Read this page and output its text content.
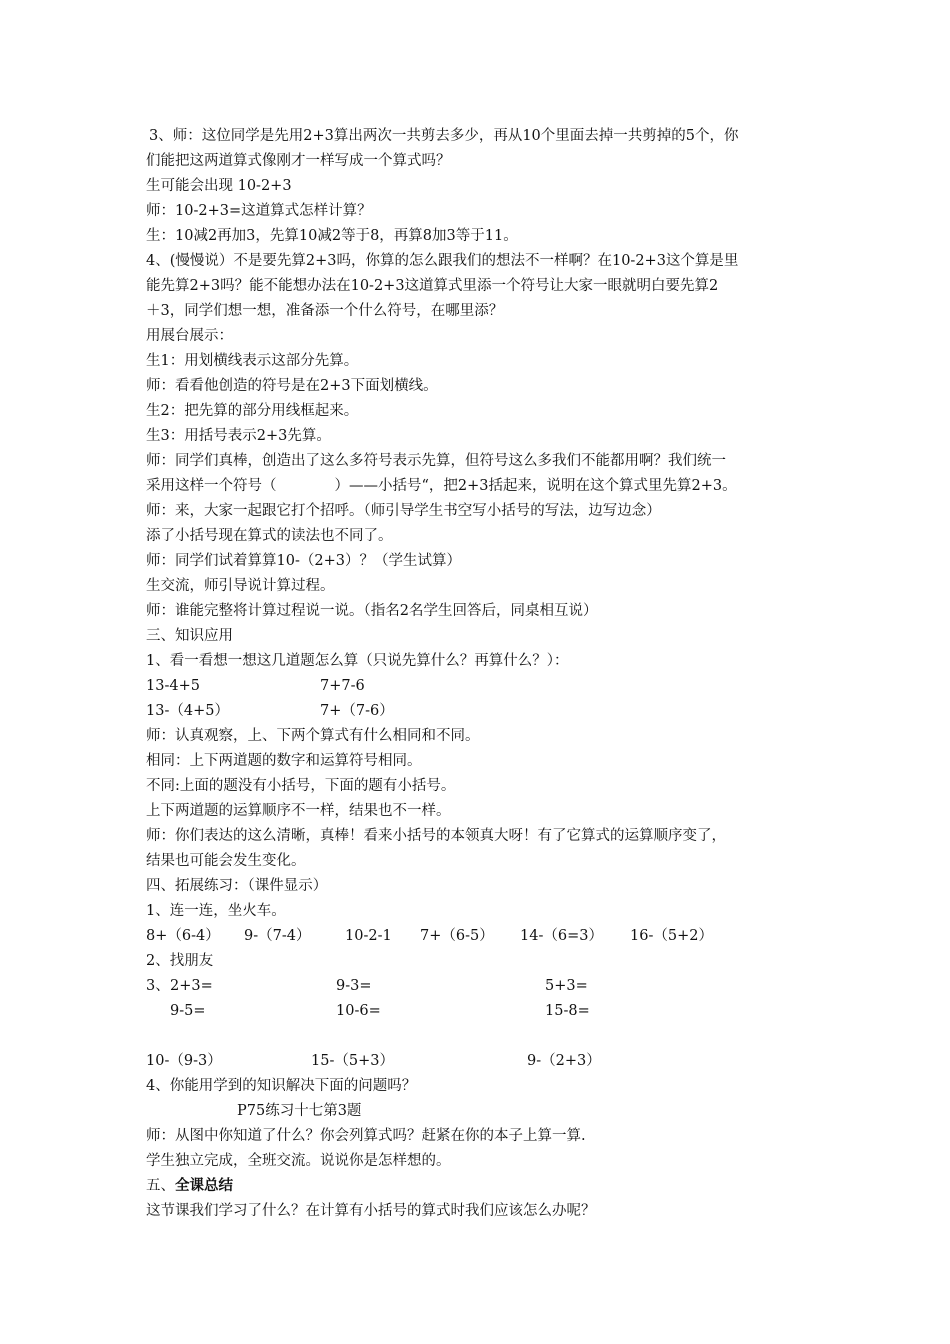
3、师：这位同学是先用2+3算出两次一共剪去多少，再从10个里面去掉一共剪掉的5个，你
们能把这两道算式像刚才一样写成一个算式吗？
生可能会出现 10-2+3
师：10-2+3=这道算式怎样计算？
生：10减2再加3，先算10减2等于8，再算8加3等于11。
4、(慢慢说）不是要先算2+3吗，你算的怎么跟我们的想法不一样啊？在10-2+3这个算是里
能先算2+3吗？能不能想办法在10-2+3这道算式里添一个符号让大家一眼就明白要先算2
＋3，同学们想一想，准备添一个什么符号，在哪里添？
用展台展示：
生1：用划横线表示这部分先算。
师：看看他创造的符号是在2+3下面划横线。
生2：把先算的部分用线框起来。
生3：用括号表示2+3先算。
师：同学们真棒，创造出了这么多符号表示先算，但符号这么多我们不能都用啊？我们统一
采用这样一个符号（　　　　）——小括号“，把2+3括起来，说明在这个算式里先算2+3。
师：来，大家一起跟它打个招呼。（师引导学生书空写小括号的写法，边写边念）
添了小括号现在算式的读法也不同了。
师：同学们试着算算10-（2+3）？（学生试算）
生交流，师引导说计算过程。
师：谁能完整将计算过程说一说。（指名2名学生回答后，同桌相互说）
三、知识应用
1、看一看想一想这几道题怎么算（只说先算什么？再算什么？）：
13-4+5	7+7-6
13-（4+5）	7+（7-6）
师：认真观察，上、下两个算式有什么相同和不同。
相同：上下两道题的数字和运算符号相同。
不同:上面的题没有小括号，下面的题有小括号。
上下两道题的运算顺序不一样，结果也不一样。
师：你们表达的这么清晰，真棒！看来小括号的本领真大呀！有了它算式的运算顺序变了，
结果也可能会发生变化。
四、拓展练习：（课件显示）
1、连一连，坐火车。
8+（6-4） 9-（7-4） 10-2-1 7+（6-5） 14-（6=3） 16-（5+2）
2、找朋友
3、 2+3=	9-3=	5+3=
9-5=	10-6=	15-8=
10-（9-3）	15-（5+3）	9-（2+3）
4、你能用学到的知识解决下面的问题吗？
P75练习十七第3题
师：从图中你知道了什么？你会列算式吗？赶紧在你的本子上算一算.
学生独立完成，全班交流。说说你是怎样想的。
五、全课总结
这节课我们学习了什么？在计算有小括号的算式时我们应该怎么办呢？
